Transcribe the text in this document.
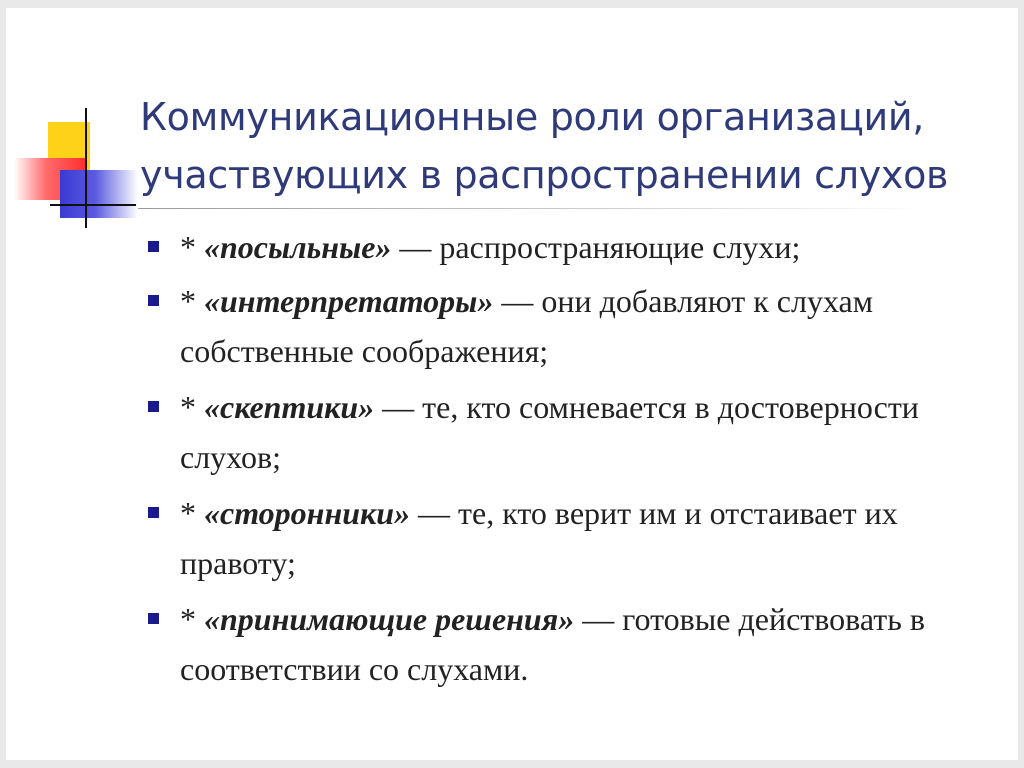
Коммуникационные роли организаций,
участвующих в распространении слухов
* «посыльные» — распространяющие слухи;
* «интерпретаторы» — они добавляют к слухам собственные соображения;
* «скептики» — те, кто сомневается в достоверности слухов;
* «сторонники» — те, кто верит им и отстаивает их правоту;
* «принимающие решения» — готовые действовать в соответствии со слухами.
